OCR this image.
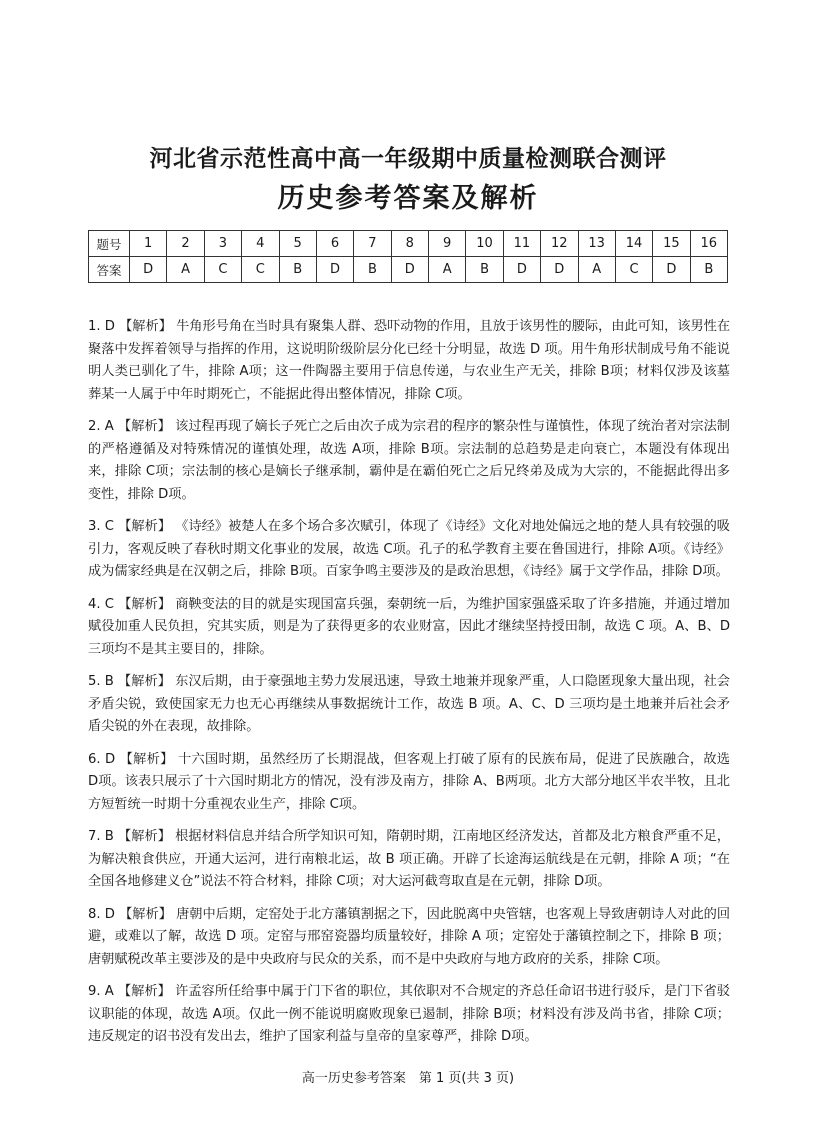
河北省示范性高中高一年级期中质量检测联合测评
历史参考答案及解析
题号	1	2	3	4	5	6	7	8	9	10	11	12	13	14	15	16
答案	D	A	C	C	B	D	B	D	A	B	D	D	A	C	D	B
1. D 【解析】 牛角形号角在当时具有聚集人群、恐吓动物的作用，且放于该男性的腰际，由此可知，该男性在聚落中发挥着领导与指挥的作用，这说明阶级阶层分化已经十分明显，故选 D 项。用牛角形状制成号角不能说明人类已驯化了牛，排除 A项；这一件陶器主要用于信息传递，与农业生产无关，排除 B项；材料仅涉及该墓葬某一人属于中年时期死亡，不能据此得出整体情况，排除 C项。
2. A 【解析】 该过程再现了嫡长子死亡之后由次子成为宗君的程序的繁杂性与谨慎性，体现了统治者对宗法制的严格遵循及对特殊情况的谨慎处理，故选 A项，排除 B项。宗法制的总趋势是走向衰亡，本题没有体现出来，排除 C项；宗法制的核心是嫡长子继承制，霸仲是在霸伯死亡之后兄终弟及成为大宗的，不能据此得出多变性，排除 D项。
3. C 【解析】 《诗经》被楚人在多个场合多次赋引，体现了《诗经》文化对地处偏远之地的楚人具有较强的吸引力，客观反映了春秋时期文化事业的发展，故选 C项。孔子的私学教育主要在鲁国进行，排除 A项。《诗经》成为儒家经典是在汉朝之后，排除 B项。百家争鸣主要涉及的是政治思想，《诗经》属于文学作品，排除 D项。
4. C 【解析】 商鞅变法的目的就是实现国富兵强，秦朝统一后，为维护国家强盛采取了许多措施，并通过增加赋役加重人民负担，究其实质，则是为了获得更多的农业财富，因此才继续坚持授田制，故选 C 项。A、B、D三项均不是其主要目的，排除。
5. B 【解析】 东汉后期，由于豪强地主势力发展迅速，导致土地兼并现象严重，人口隐匿现象大量出现，社会矛盾尖锐，致使国家无力也无心再继续从事数据统计工作，故选 B 项。A、C、D 三项均是土地兼并后社会矛盾尖锐的外在表现，故排除。
6. D 【解析】 十六国时期，虽然经历了长期混战，但客观上打破了原有的民族布局，促进了民族融合，故选 D项。该表只展示了十六国时期北方的情况，没有涉及南方，排除 A、B两项。北方大部分地区半农半牧，且北方短暂统一时期十分重视农业生产，排除 C项。
7. B 【解析】 根据材料信息并结合所学知识可知，隋朝时期，江南地区经济发达，首都及北方粮食严重不足，为解决粮食供应，开通大运河，进行南粮北运，故 B 项正确。开辟了长途海运航线是在元朝，排除 A 项；“在全国各地修建义仓”说法不符合材料，排除 C项；对大运河截弯取直是在元朝，排除 D项。
8. D 【解析】 唐朝中后期，定窑处于北方藩镇割据之下，因此脱离中央管辖，也客观上导致唐朝诗人对此的回避，或难以了解，故选 D 项。定窑与邢窑瓷器均质量较好，排除 A 项；定窑处于藩镇控制之下，排除 B 项；唐朝赋税改革主要涉及的是中央政府与民众的关系，而不是中央政府与地方政府的关系，排除 C项。
9. A 【解析】 许孟容所任给事中属于门下省的职位，其依职对不合规定的齐总任命诏书进行驳斥，是门下省驳议职能的体现，故选 A项。仅此一例不能说明腐败现象已遏制，排除 B项；材料没有涉及尚书省，排除 C项；违反规定的诏书没有发出去，维护了国家利益与皇帝的皇家尊严，排除 D项。
高一历史参考答案　第 1 页(共 3 页)
